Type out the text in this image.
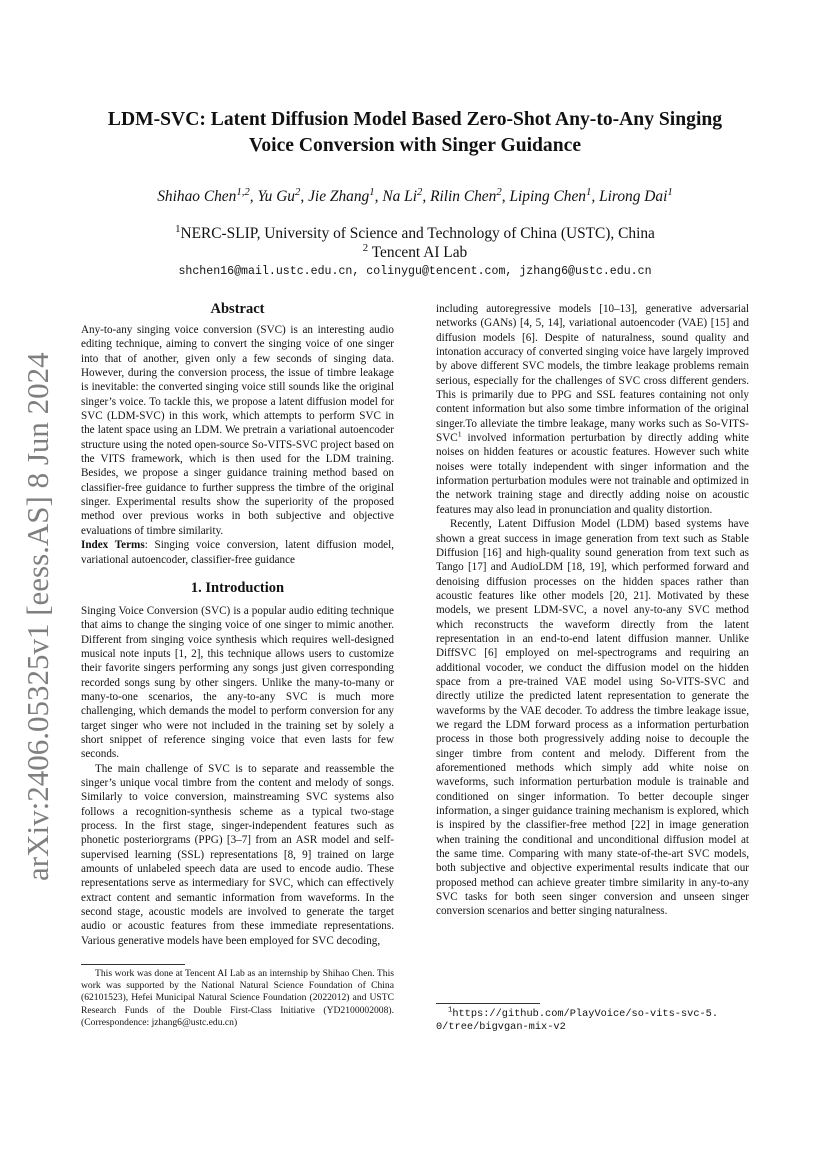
arXiv:2406.05325v1 [eess.AS] 8 Jun 2024
LDM-SVC: Latent Diffusion Model Based Zero-Shot Any-to-Any Singing
Voice Conversion with Singer Guidance
Shihao Chen$^{1,2}$, Yu Gu$^2$, Jie Zhang$^1$, Na Li$^2$, Rilin Chen$^2$, Liping Chen$^1$, Lirong Dai$^1$
$^1$NERC-SLIP, University of Science and Technology of China (USTC), China
$^2$ Tencent AI Lab
shchen16@mail.ustc.edu.cn, colinygu@tencent.com, jzhang6@ustc.edu.cn
Abstract

Any-to-any singing voice conversion (SVC) is an interesting audio editing technique, aiming to convert the singing voice of one singer into that of another, given only a few seconds of singing data. However, during the conversion process, the issue of timbre leakage is inevitable: the converted singing voice still sounds like the original singer’s voice. To tackle this, we propose a latent diffusion model for SVC (LDM-SVC) in this work, which attempts to perform SVC in the latent space using an LDM. We pretrain a variational autoencoder structure using the noted open-source So-VITS-SVC project based on the VITS framework, which is then used for the LDM training. Besides, we propose a singer guidance training method based on classifier-free guidance to further suppress the timbre of the original singer. Experimental results show the superiority of the proposed method over previous works in both subjective and objective evaluations of timbre similarity.

Index Terms: Singing voice conversion, latent diffusion model, variational autoencoder, classifier-free guidance

1. Introduction

Singing Voice Conversion (SVC) is a popular audio editing technique that aims to change the singing voice of one singer to mimic another. Different from singing voice synthesis which requires well-designed musical note inputs [1, 2], this technique allows users to customize their favorite singers performing any songs just given corresponding recorded songs sung by other singers. Unlike the many-to-many or many-to-one scenarios, the any-to-any SVC is much more challenging, which demands the model to perform conversion for any target singer who were not included in the training set by solely a short snippet of reference singing voice that even lasts for few seconds.

The main challenge of SVC is to separate and reassemble the singer’s unique vocal timbre from the content and melody of songs. Similarly to voice conversion, mainstreaming SVC systems also follows a recognition-synthesis scheme as a typical two-stage process. In the first stage, singer-independent features such as phonetic posteriorgrams (PPG) [3–7] from an ASR model and self-supervised learning (SSL) representations [8, 9] trained on large amounts of unlabeled speech data are used to encode audio. These representations serve as intermediary for SVC, which can effectively extract content and semantic information from waveforms. In the second stage, acoustic models are involved to generate the target audio or acoustic features from these immediate representations. Various generative models have been employed for SVC decoding,

including autoregressive models [10–13], generative adversarial networks (GANs) [4, 5, 14], variational autoencoder (VAE) [15] and diffusion models [6]. Despite of naturalness, sound quality and intonation accuracy of converted singing voice have largely improved by above different SVC models, the timbre leakage problems remain serious, especially for the challenges of SVC cross different genders. This is primarily due to PPG and SSL features containing not only content information but also some timbre information of the original singer.To alleviate the timbre leakage, many works such as So-VITS-SVC$^1$ involved information perturbation by directly adding white noises on hidden features or acoustic features. However such white noises were totally independent with singer information and the information perturbation modules were not trainable and optimized in the network training stage and directly adding noise on acoustic features may also lead in pronunciation and quality distortion.

Recently, Latent Diffusion Model (LDM) based systems have shown a great success in image generation from text such as Stable Diffusion [16] and high-quality sound generation from text such as Tango [17] and AudioLDM [18, 19], which performed forward and denoising diffusion processes on the hidden spaces rather than acoustic features like other models [20, 21]. Motivated by these models, we present LDM-SVC, a novel any-to-any SVC method which reconstructs the waveform directly from the latent representation in an end-to-end latent diffusion manner. Unlike DiffSVC [6] employed on mel-spectrograms and requiring an additional vocoder, we conduct the diffusion model on the hidden space from a pre-trained VAE model using So-VITS-SVC and directly utilize the predicted latent representation to generate the waveforms by the VAE decoder. To address the timbre leakage issue, we regard the LDM forward process as a information perturbation process in those both progressively adding noise to decouple the singer timbre from content and melody. Different from the aforementioned methods which simply add white noise on waveforms, such information perturbation module is trainable and conditioned on singer information. To better decouple singer information, a singer guidance training mechanism is explored, which is inspired by the classifier-free method [22] in image generation when training the conditional and unconditional diffusion model at the same time. Comparing with many state-of-the-art SVC models, both subjective and objective experimental results indicate that our proposed method can achieve greater timbre similarity in any-to-any SVC tasks for both seen singer conversion and unseen singer conversion scenarios and better singing naturalness.

This work was done at Tencent AI Lab as an internship by Shihao Chen. This work was supported by the National Natural Science Foundation of China (62101523), Hefei Municipal Natural Science Foundation (2022012) and USTC Research Funds of the Double First-Class Initiative (YD2100002008). (Correspondence: jzhang6@ustc.edu.cn)

$^1$https://github.com/PlayVoice/so-vits-svc-5.
0/tree/bigvgan-mix-v2
